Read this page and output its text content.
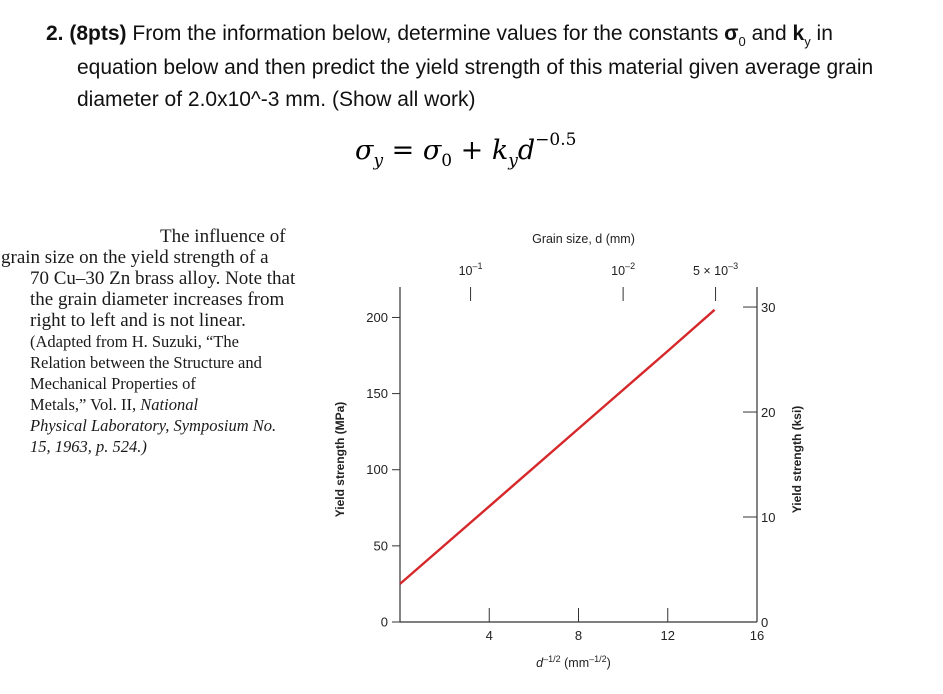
2. (8pts) From the information below, determine values for the constants $\sigma_0$ and $k_y$ in
equation below and then predict the yield strength of this material given average grain
diameter of 2.0x10^-3 mm. (Show all work)
$\sigma_y = \sigma_0 + k_yd^{-0.5}$
The influence of
grain size on the yield strength of a
70 Cu–30 Zn brass alloy. Note that
the grain diameter increases from
right to left and is not linear.
(Adapted from H. Suzuki, “The
Relation between the Structure and
Mechanical Properties of
Metals,” Vol. II, National
Physical Laboratory, Symposium No.
15, 1963, p. 524.)
0
50
100
150
200
0
10
20
30
4	8	12	16
$10^{-1}$	$10^{-2}$	$5 \times 10^{-3}$
Grain size, d (mm)
$d^{-1/2}$ $(mm^{-1/2})$
Yield strength (MPa)	Yield strength (ksi)
